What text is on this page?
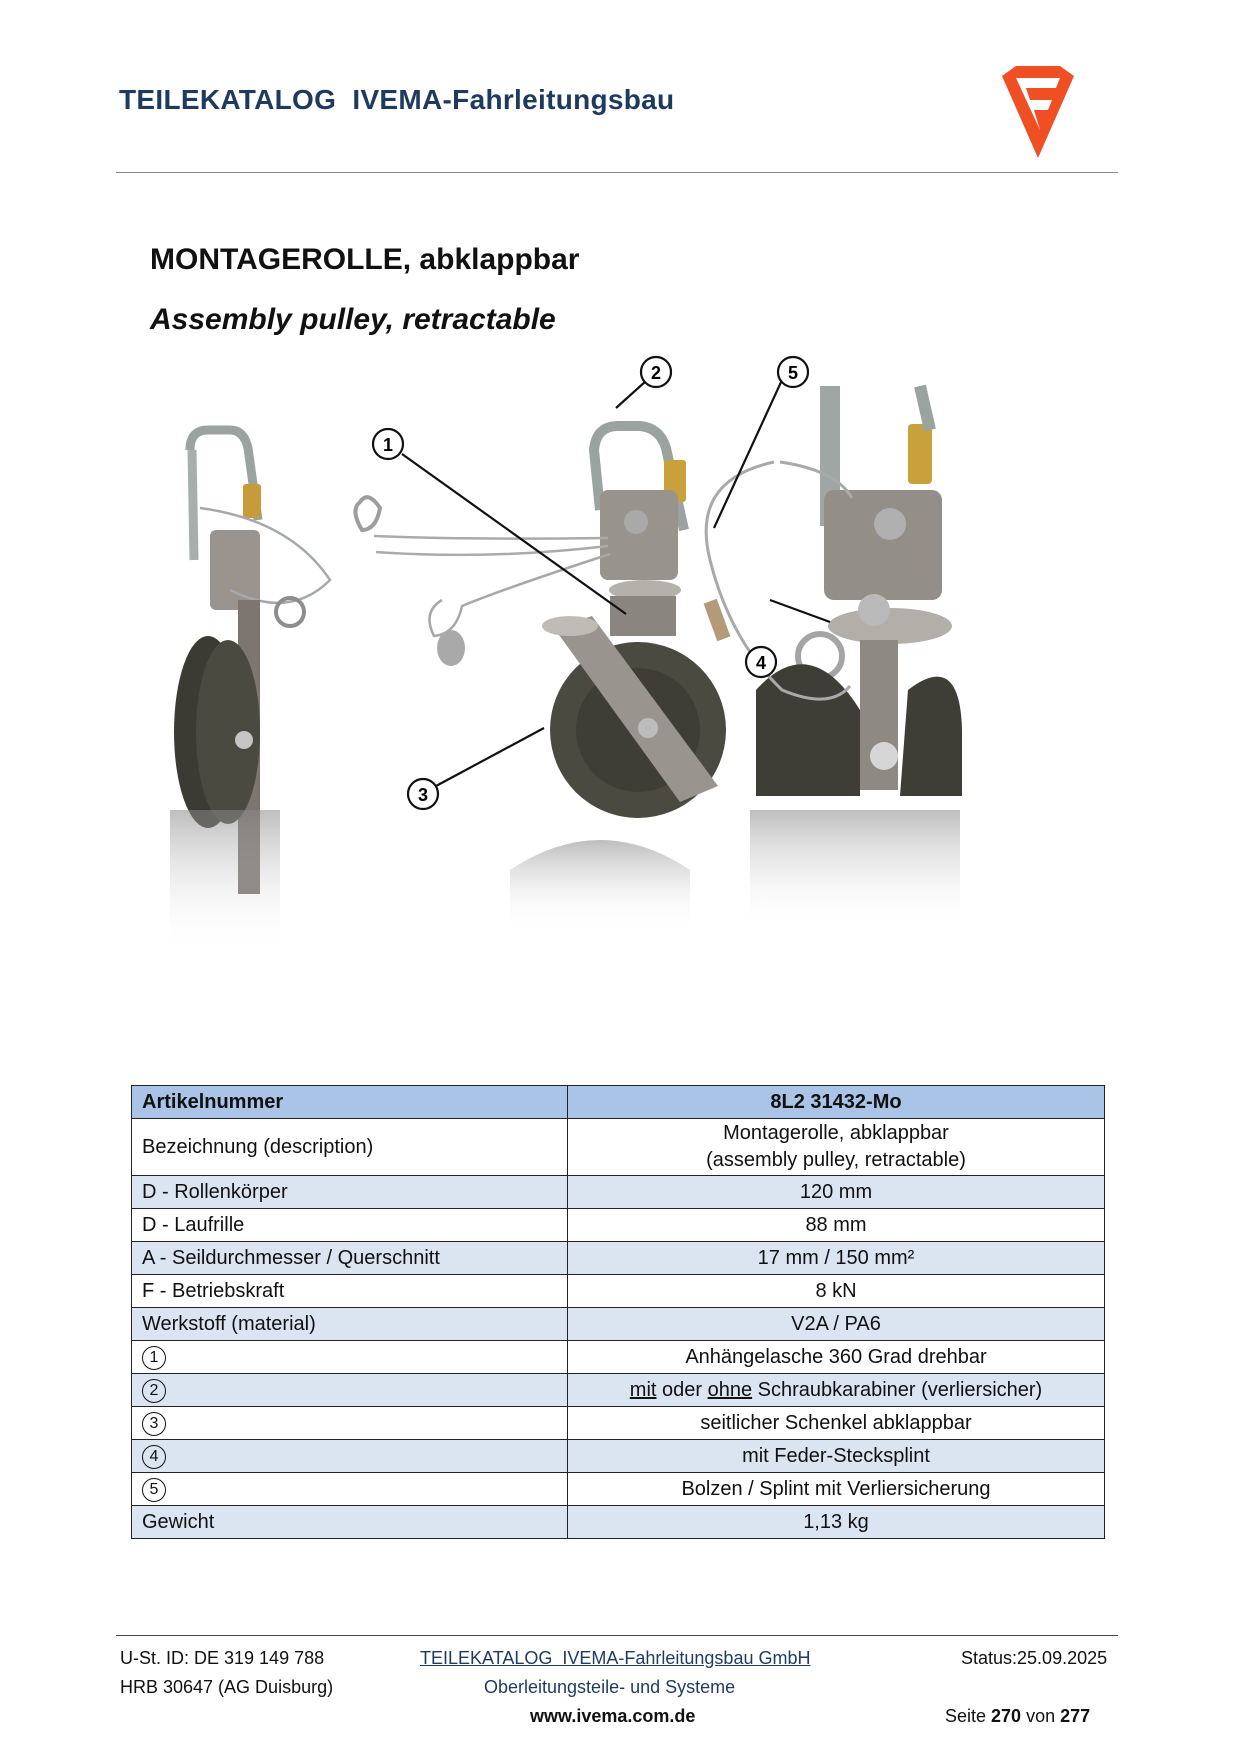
TEILEKATALOG  IVEMA-Fahrleitungsbau
MONTAGEROLLE, abklappbar
Assembly pulley, retractable
1
2
3
4
5
Artikelnummer	8L2 31432-Mo
Bezeichnung (description)	Montagerolle, abklappbar
(assembly pulley, retractable)
D - Rollenkörper	120 mm
D - Laufrille	88 mm
A - Seildurchmesser / Querschnitt	17 mm / 150 mm²
F - Betriebskraft	8 kN
Werkstoff (material)	V2A / PA6
1	Anhängelasche 360 Grad drehbar
2	mit oder ohne Schraubkarabiner (verliersicher)
3	seitlicher Schenkel abklappbar
4	mit Feder-Stecksplint
5	Bolzen / Splint mit Verliersicherung
Gewicht	1,13 kg
U-St. ID: DE 319 149 788
HRB 30647 (AG Duisburg)
TEILEKATALOG  IVEMA-Fahrleitungsbau GmbH
Oberleitungsteile- und Systeme
www.ivema.com.de
Status:25.09.2025
Seite 270 von 277
